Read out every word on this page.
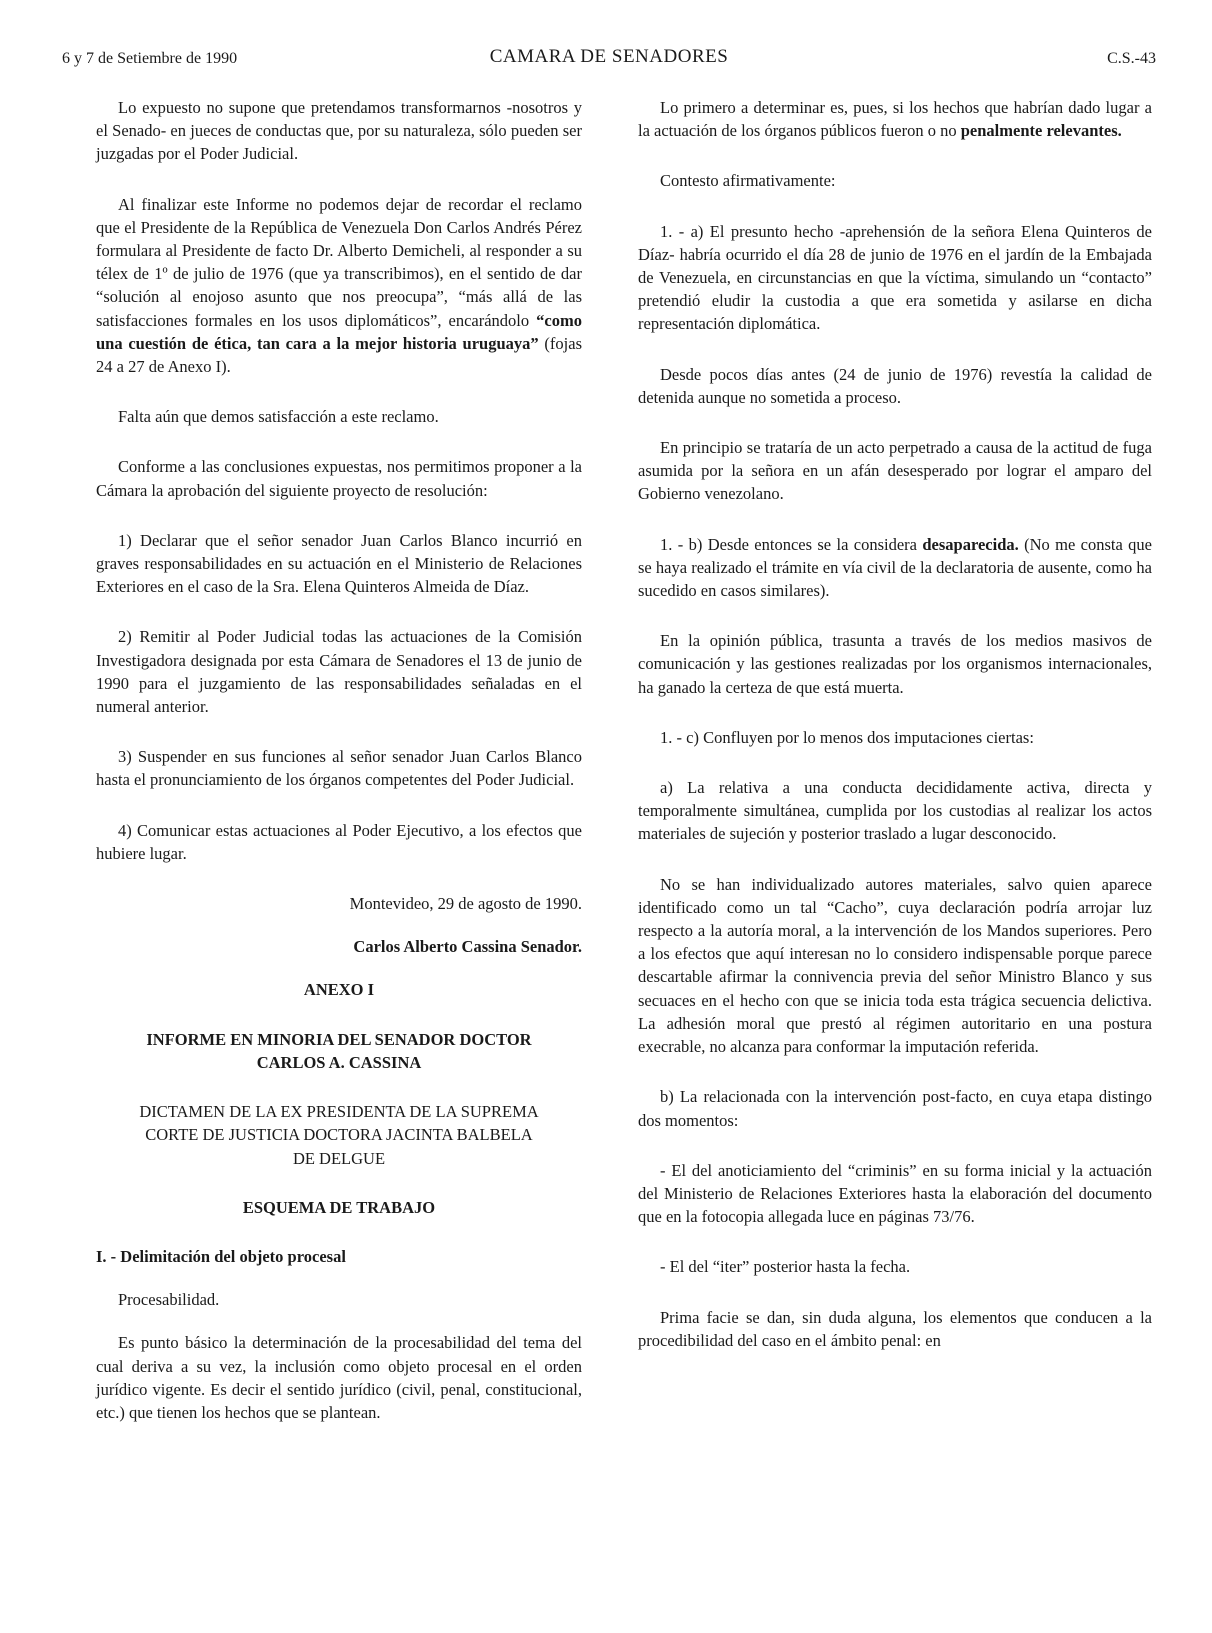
6 y 7 de Setiembre de 1990	CAMARA DE SENADORES	C.S.-43

Lo expuesto no supone que pretendamos transformarnos -nosotros y el Senado- en jueces de conductas que, por su naturaleza, sólo pueden ser juzgadas por el Poder Judicial.

Al finalizar este Informe no podemos dejar de recordar el reclamo que el Presidente de la República de Venezuela Don Carlos Andrés Pérez formulara al Presidente de facto Dr. Alberto Demicheli, al responder a su télex de 1º de julio de 1976 (que ya transcribimos), en el sentido de dar “solución al enojoso asunto que nos preocupa”, “más allá de las satisfacciones formales en los usos diplomáticos”, encarándolo “como una cuestión de ética, tan cara a la mejor historia uruguaya” (fojas 24 a 27 de Anexo I).

Falta aún que demos satisfacción a este reclamo.

Conforme a las conclusiones expuestas, nos permitimos proponer a la Cámara la aprobación del siguiente proyecto de resolución:

1) Declarar que el señor senador Juan Carlos Blanco incurrió en graves responsabilidades en su actuación en el Ministerio de Relaciones Exteriores en el caso de la Sra. Elena Quinteros Almeida de Díaz.

2) Remitir al Poder Judicial todas las actuaciones de la Comisión Investigadora designada por esta Cámara de Senadores el 13 de junio de 1990 para el juzgamiento de las responsabilidades señaladas en el numeral anterior.

3) Suspender en sus funciones al señor senador Juan Carlos Blanco hasta el pronunciamiento de los órganos competentes del Poder Judicial.

4) Comunicar estas actuaciones al Poder Ejecutivo, a los efectos que hubiere lugar.

Montevideo, 29 de agosto de 1990.

Carlos Alberto Cassina Senador.

ANEXO I
INFORME EN MINORIA DEL SENADOR DOCTOR CARLOS A. CASSINA
DICTAMEN DE LA EX PRESIDENTA DE LA SUPREMA CORTE DE JUSTICIA DOCTORA JACINTA BALBELA DE DELGUE
ESQUEMA DE TRABAJO

I. - Delimitación del objeto procesal

Procesabilidad.

Es punto básico la determinación de la procesabilidad del tema del cual deriva a su vez, la inclusión como objeto procesal en el orden jurídico vigente. Es decir el sentido jurídico (civil, penal, constitucional, etc.) que tienen los hechos que se plantean.

Lo primero a determinar es, pues, si los hechos que habrían dado lugar a la actuación de los órganos públicos fueron o no penalmente relevantes.

Contesto afirmativamente:

1. - a) El presunto hecho -aprehensión de la señora Elena Quinteros de Díaz- habría ocurrido el día 28 de junio de 1976 en el jardín de la Embajada de Venezuela, en circunstancias en que la víctima, simulando un “contacto” pretendió eludir la custodia a que era sometida y asilarse en dicha representación diplomática.

Desde pocos días antes (24 de junio de 1976) revestía la calidad de detenida aunque no sometida a proceso.

En principio se trataría de un acto perpetrado a causa de la actitud de fuga asumida por la señora en un afán desesperado por lograr el amparo del Gobierno venezolano.

1. - b) Desde entonces se la considera desaparecida. (No me consta que se haya realizado el trámite en vía civil de la declaratoria de ausente, como ha sucedido en casos similares).

En la opinión pública, trasunta a través de los medios masivos de comunicación y las gestiones realizadas por los organismos internacionales, ha ganado la certeza de que está muerta.

1. - c) Confluyen por lo menos dos imputaciones ciertas:

a) La relativa a una conducta decididamente activa, directa y temporalmente simultánea, cumplida por los custodias al realizar los actos materiales de sujeción y posterior traslado a lugar desconocido.

No se han individualizado autores materiales, salvo quien aparece identificado como un tal “Cacho”, cuya declaración podría arrojar luz respecto a la autoría moral, a la intervención de los Mandos superiores. Pero a los efectos que aquí interesan no lo considero indispensable porque parece descartable afirmar la connivencia previa del señor Ministro Blanco y sus secuaces en el hecho con que se inicia toda esta trágica secuencia delictiva. La adhesión moral que prestó al régimen autoritario en una postura execrable, no alcanza para conformar la imputación referida.

b) La relacionada con la intervención post-facto, en cuya etapa distingo dos momentos:

- El del anoticiamiento del “criminis” en su forma inicial y la actuación del Ministerio de Relaciones Exteriores hasta la elaboración del documento que en la fotocopia allegada luce en páginas 73/76.

- El del “iter” posterior hasta la fecha.

Prima facie se dan, sin duda alguna, los elementos que conducen a la procedibilidad del caso en el ámbito penal: en
